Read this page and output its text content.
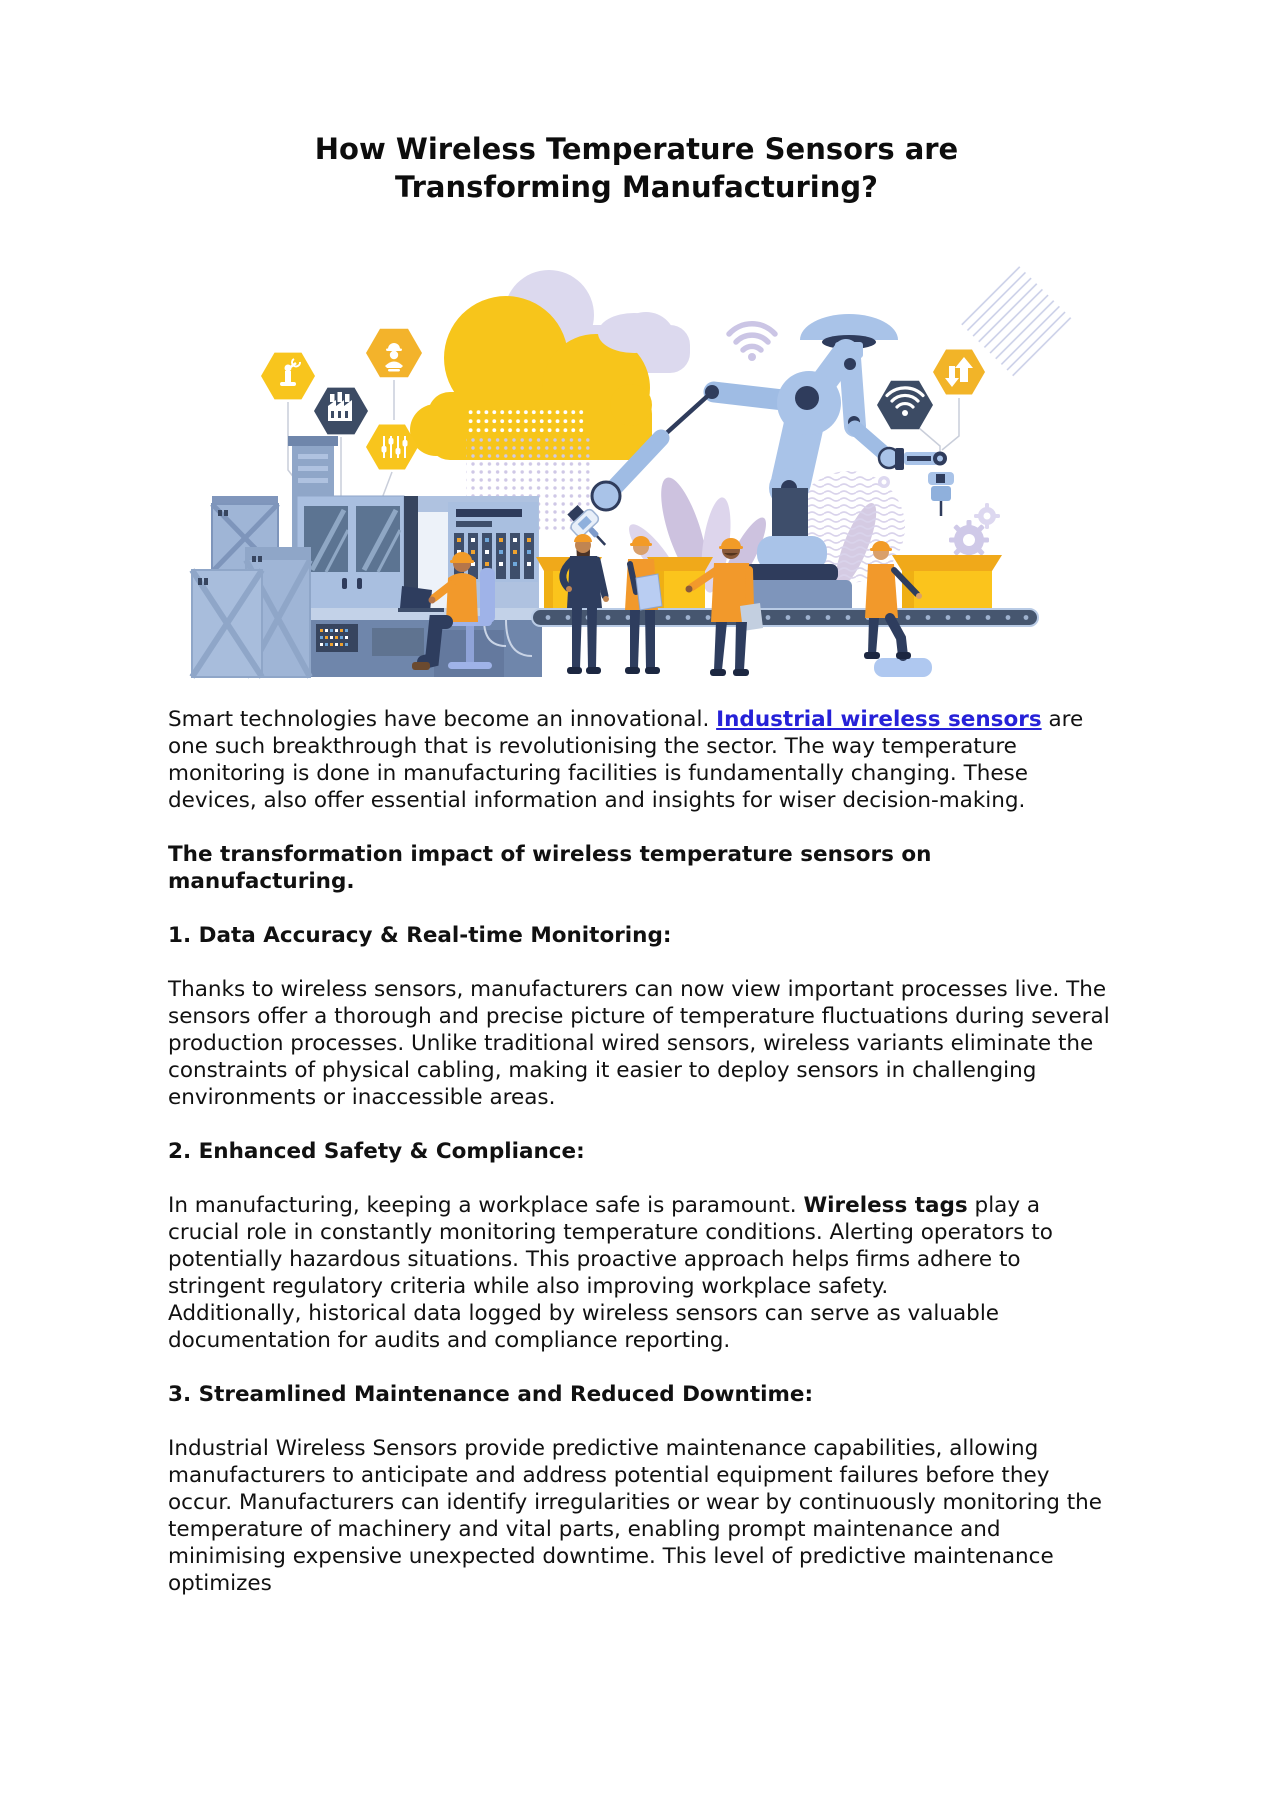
How Wireless Temperature Sensors are
Transforming Manufacturing?

Smart technologies have become an innovational. Industrial wireless sensors are one such breakthrough that is revolutionising the sector. The way temperature monitoring is done in manufacturing facilities is fundamentally changing. These devices, also offer essential information and insights for wiser decision-making.

The transformation impact of wireless temperature sensors on manufacturing.
1. Data Accuracy & Real-time Monitoring:

Thanks to wireless sensors, manufacturers can now view important processes live. The sensors offer a thorough and precise picture of temperature fluctuations during several production processes. Unlike traditional wired sensors, wireless variants eliminate the constraints of physical cabling, making it easier to deploy sensors in challenging environments or inaccessible areas.

2. Enhanced Safety & Compliance:

In manufacturing, keeping a workplace safe is paramount. Wireless tags play a crucial role in constantly monitoring temperature conditions. Alerting operators to potentially hazardous situations. This proactive approach helps firms adhere to stringent regulatory criteria while also improving workplace safety.
Additionally, historical data logged by wireless sensors can serve as valuable documentation for audits and compliance reporting.

3. Streamlined Maintenance and Reduced Downtime:

Industrial Wireless Sensors provide predictive maintenance capabilities, allowing manufacturers to anticipate and address potential equipment failures before they occur. Manufacturers can identify irregularities or wear by continuously monitoring the temperature of machinery and vital parts, enabling prompt maintenance and minimising expensive unexpected downtime. This level of predictive maintenance optimizes
